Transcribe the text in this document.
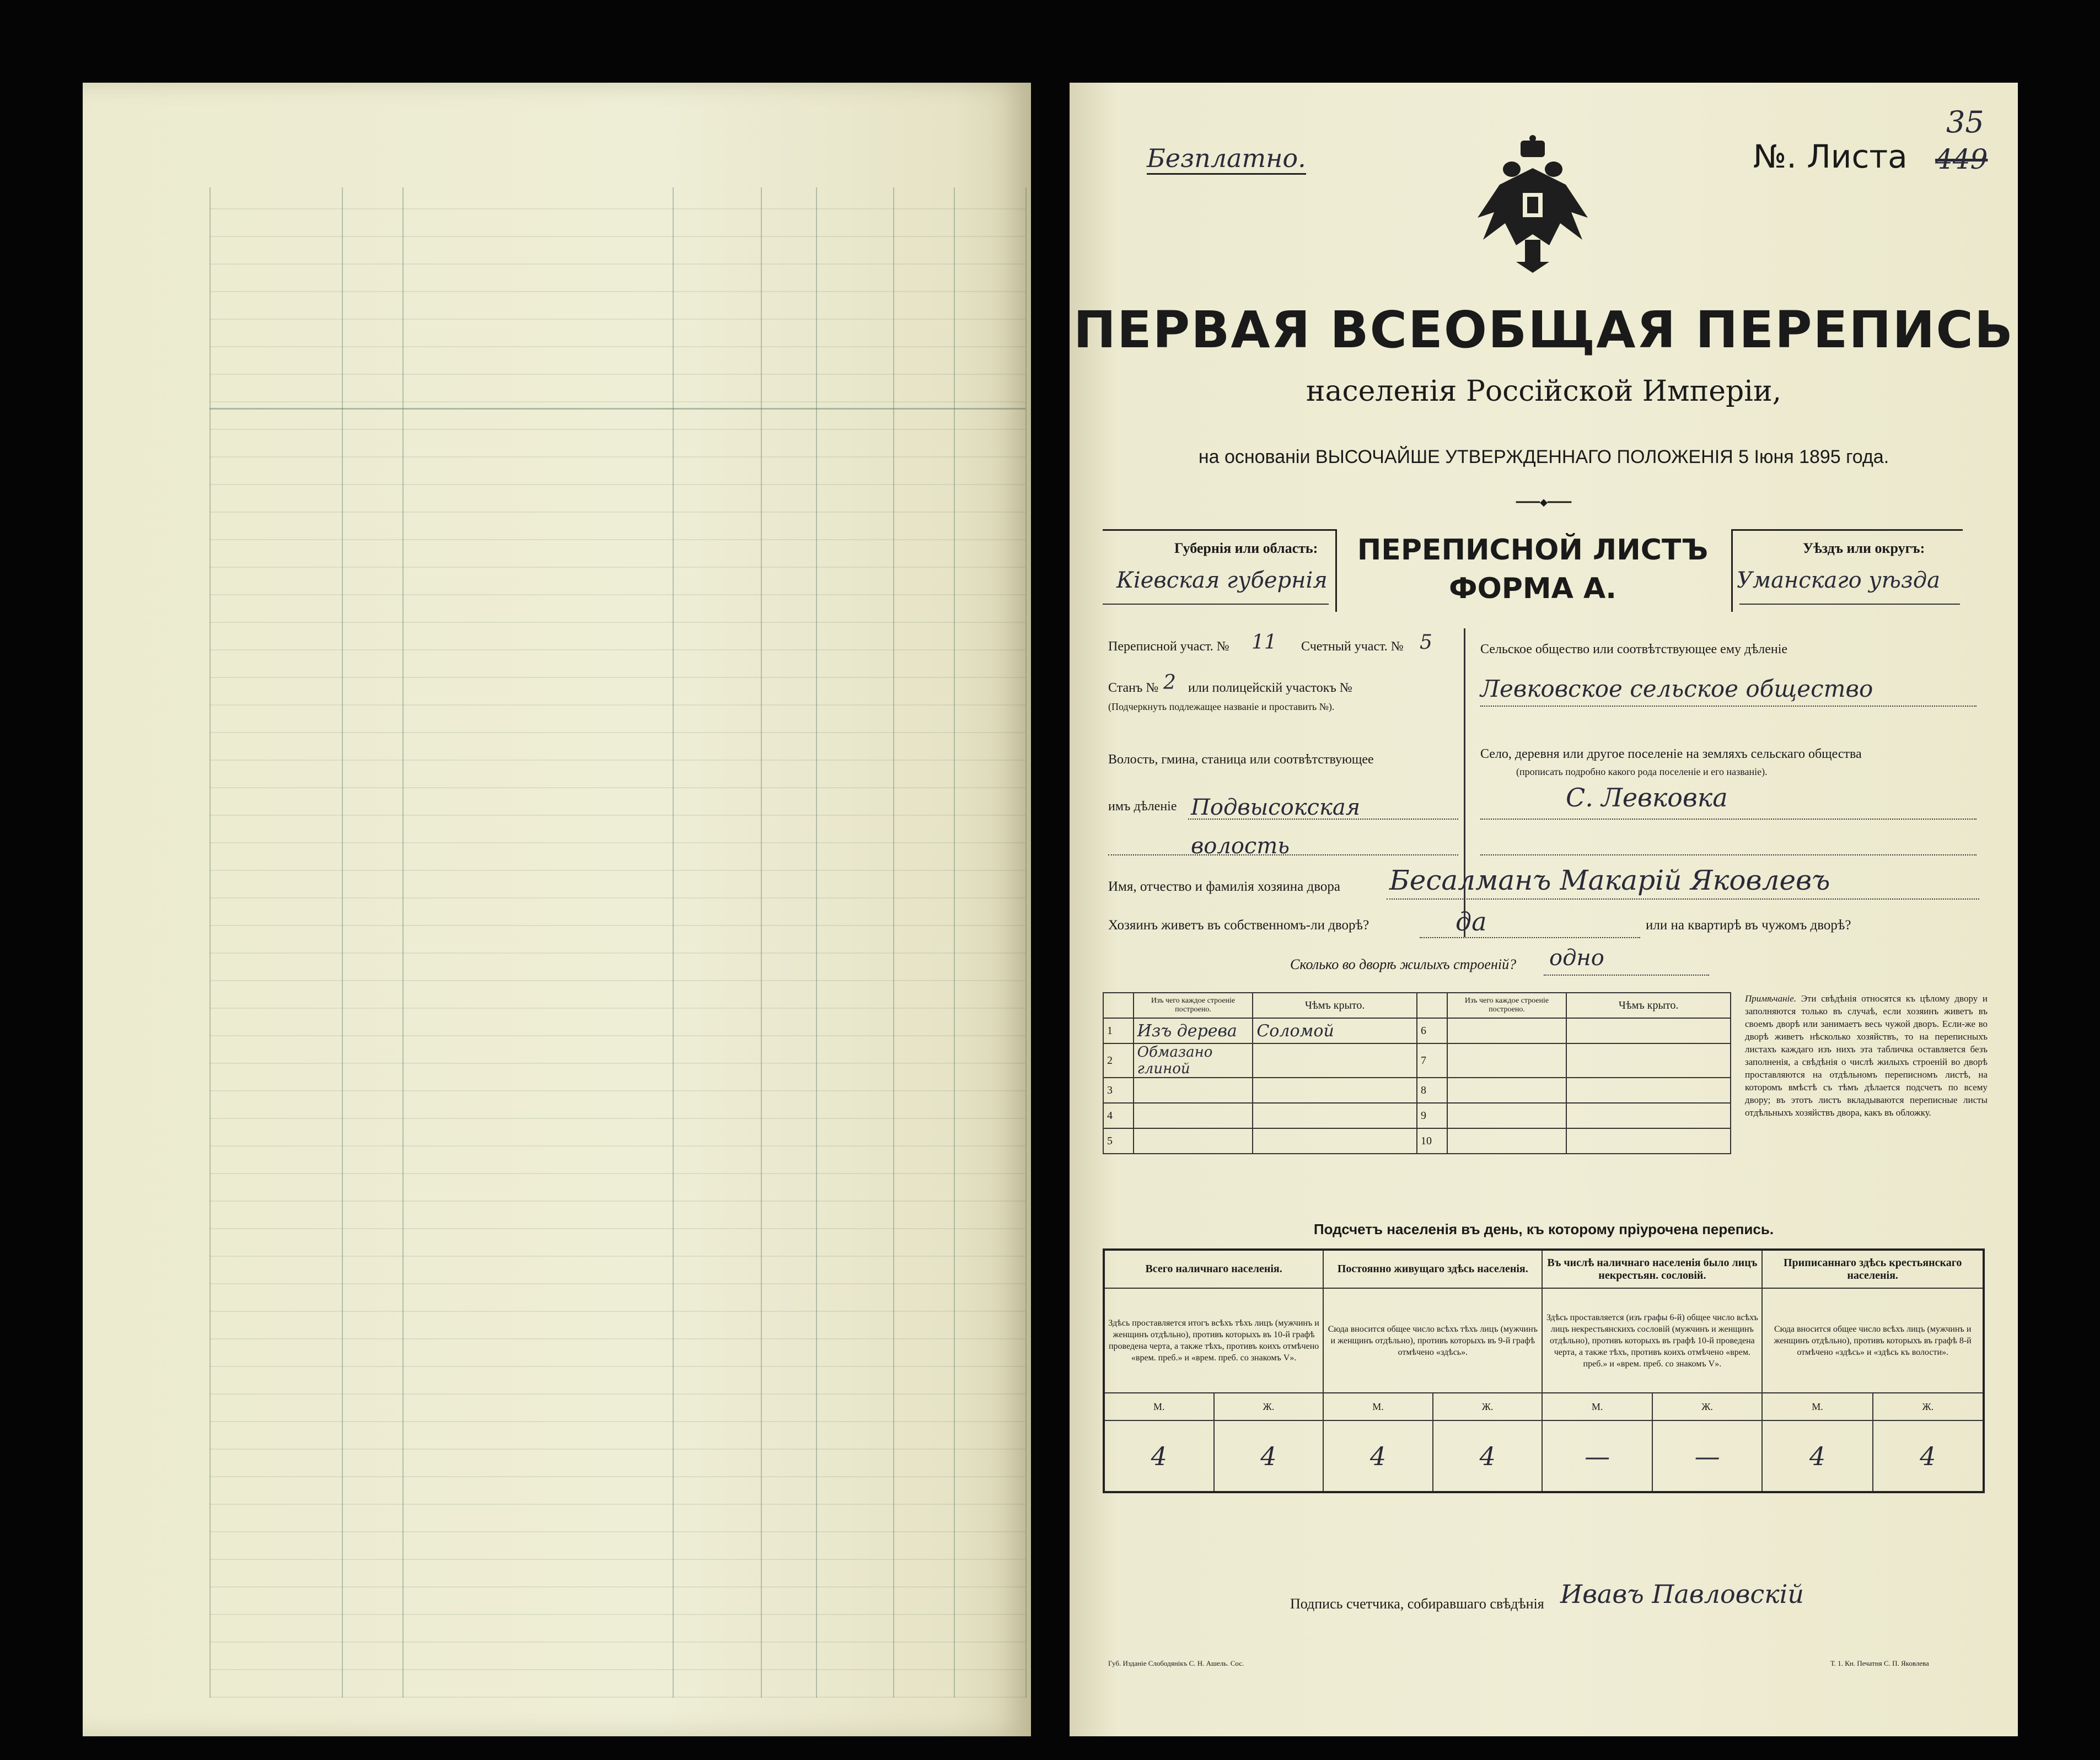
Безплатно.	№. Листа 449
35
ПЕРВАЯ ВСЕОБЩАЯ ПЕРЕПИСЬ
населенія Россійской Имперіи,
на основаніи ВЫСОЧАЙШЕ УТВЕРЖДЕННАГО ПОЛОЖЕНІЯ 5 Іюня 1895 года.
━━━━◆━━━━
Губернія или область:
Кіевская губернія
ПЕРЕПИСНОЙ ЛИСТЪ
ФОРМА А.
Уѣздъ или округъ:
Уманскаго уѣзда
Переписной участ. № 11 Счетный участ. № 5
Станъ № 2 или полицейскій участокъ №
(Подчеркнуть подлежащее названіе и проставить №).
Волость, гмина, станица или соотвѣтствующее
имъ дѣленіе Подвысокская волость
Сельское общество или соотвѣтствующее ему дѣленіе
Левковское сельское общество
Село, деревня или другое поселеніе на земляхъ сельскаго общества
(прописать подробно какого рода поселеніе и его названіе).
С. Левковка
Имя, отчество и фамилія хозяина двора Бесалманъ Макарій Яковлевъ
Хозяинъ живетъ въ собственномъ-ли дворѣ?	да	или на квартирѣ въ чужомъ дворѣ?
Сколько во дворѣ жилыхъ строеній? одно
	Изъ чего каждое строеніе построено.	Чѣмъ крыто.		Изъ чего каждое строеніе построено.	Чѣмъ крыто.
1	Изъ дерева	Соломой	6		
2	Обмазано глиной		7		
3			8		
4			9		
5			10		
Примѣчаніе. Эти свѣдѣнія относятся къ цѣлому двору и заполняются только въ случаѣ, если хозяинъ живетъ въ своемъ дворѣ или занимаетъ весь чужой дворъ. Если-же во дворѣ живетъ нѣсколько хозяйствъ, то на переписныхъ листахъ каждаго изъ нихъ эта табличка оставляется безъ заполненія, а свѣдѣнія о числѣ жилыхъ строеній во дворѣ проставляются на отдѣльномъ переписномъ листѣ, на которомъ вмѣстѣ съ тѣмъ дѣлается подсчетъ по всему двору; въ этотъ листъ вкладываются переписные листы отдѣльныхъ хозяйствъ двора, какъ въ обложку.
Подсчетъ населенія въ день, къ которому пріурочена перепись.
Всего наличнаго населенія.		Постоянно живущаго здѣсь населенія.		Въ числѣ наличнаго населенія было лицъ некрестьян. сословій.		Приписаннаго здѣсь крестьянскаго населенія.	
Здѣсь проставляется итогъ всѣхъ тѣхъ лицъ (мужчинъ и женщинъ отдѣльно), противъ которыхъ въ 10-й графѣ проведена черта, а также тѣхъ, противъ коихъ отмѣчено «врем. преб.» и «врем. преб. со знакомъ V».		Сюда вносится общее число всѣхъ тѣхъ лицъ (мужчинъ и женщинъ отдѣльно), противъ которыхъ въ 9-й графѣ отмѣчено «здѣсь».		Здѣсь проставляется (изъ графы 6-й) общее число всѣхъ лицъ некрестьянскихъ сословій (мужчинъ и женщинъ отдѣльно), противъ которыхъ въ графѣ 10-й проведена черта, а также тѣхъ, противъ коихъ отмѣчено «врем. преб.» и «врем. преб. со знакомъ V».		Сюда вносится общее число всѣхъ лицъ (мужчинъ и женщинъ отдѣльно), противъ которыхъ въ графѣ 8-й отмѣчено «здѣсь» и «здѣсь къ волости».	
М.	Ж.	М.	Ж.	М.	Ж.	М.	Ж.
4	4	4	4	—	—	4	4
Подпись счетчика, собиравшаго свѣдѣнія Ивавъ Павловскій
Губ. Изданіе Слободянікъ С. Н. Ашель. Сос.	Т. 1. Кн. Печатня С. П. Яковлева
